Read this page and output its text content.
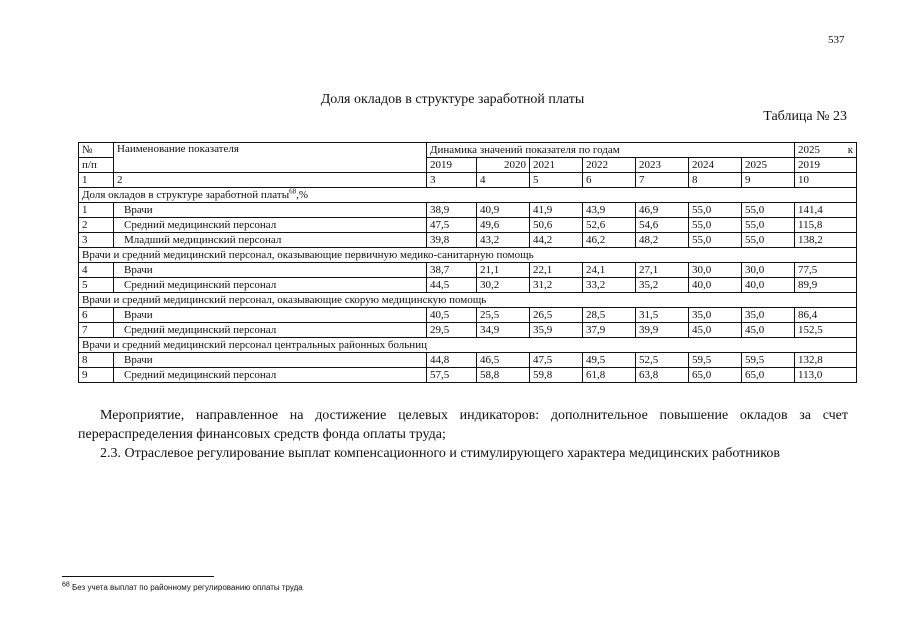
537
Доля окладов в структуре заработной платы
Таблица № 23
№	Наименование показателя	Динамика значений показателя по годам							2025 к

п/п		2019	2020	2021	2022	2023	2024	2025	2019
1	2	3	4	5	6	7	8	9	10
Доля окладов в структуре заработной платы$^{68}$,%									
1	Врачи	38,9	40,9	41,9	43,9	46,9	55,0	55,0	141,4
2	Средний медицинский персонал	47,5	49,6	50,6	52,6	54,6	55,0	55,0	115,8
3	Младший медицинский персонал	39,8	43,2	44,2	46,2	48,2	55,0	55,0	138,2
Врачи и средний медицинский персонал, оказывающие первичную медико-санитарную помощь									
4	Врачи	38,7	21,1	22,1	24,1	27,1	30,0	30,0	77,5
5	Средний медицинский персонал	44,5	30,2	31,2	33,2	35,2	40,0	40,0	89,9
Врачи и средний медицинский персонал, оказывающие скорую медицинскую помощь									
6	Врачи	40,5	25,5	26,5	28,5	31,5	35,0	35,0	86,4
7	Средний медицинский персонал	29,5	34,9	35,9	37,9	39,9	45,0	45,0	152,5
Врачи и средний медицинский персонал центральных районных больниц									
8	Врачи	44,8	46,5	47,5	49,5	52,5	59,5	59,5	132,8
9	Средний медицинский персонал	57,5	58,8	59,8	61,8	63,8	65,0	65,0	113,0

Мероприятие, направленное на достижение целевых индикаторов: дополнительное повышение окладов за счет перераспределения финансовых средств фонда оплаты труда;

2.3. Отраслевое регулирование выплат компенсационного и стимулирующего характера медицинских работников

$^{68}$ Без учета выплат по районному регулированию оплаты труда
